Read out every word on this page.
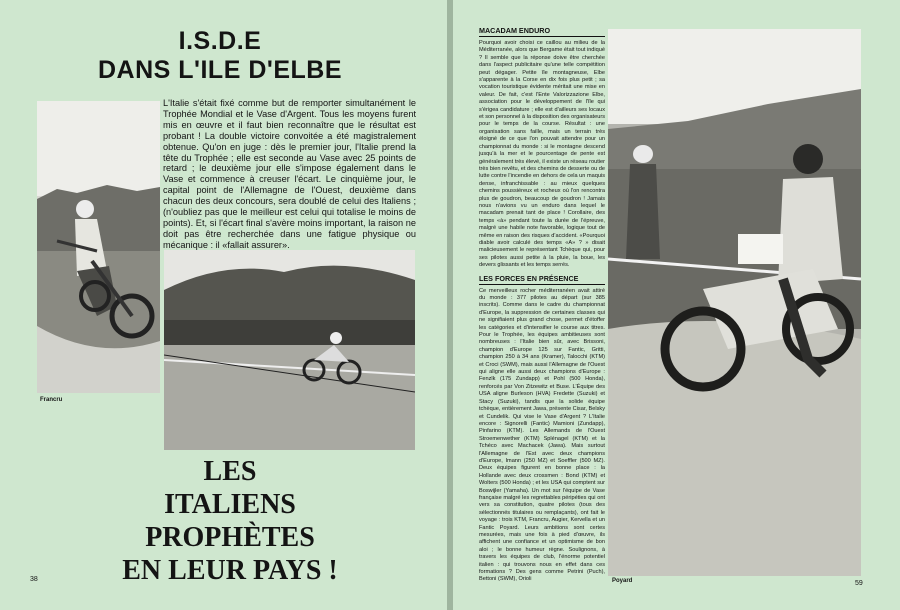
I.S.D.E
DANS L'ILE D'ELBE
Francru

L'Italie s'était fixé comme but de remporter simultanément le Trophée Mondial et le Vase d'Argent. Tous les moyens furent mis en œuvre et il faut bien reconnaître que le résultat est probant ! La double victoire convoitée a été magistralement obtenue. Qu'on en juge : dès le premier jour, l'Italie prend la tête du Trophée ; elle est seconde au Vase avec 25 points de retard ; le deuxième jour elle s'impose également dans le Vase et commence à creuser l'écart. Le cinquième jour, le capital point de l'Allemagne de l'Ouest, deuxième dans chacun des deux concours, sera doublé de celui des Italiens ; (n'oubliez pas que le meilleur est celui qui totalise le moins de points). Et, si l'écart final s'avère moins important, la raison ne doit pas être recherchée dans une fatigue physique ou mécanique : il «fallait assurer».

LES
ITALIENS
PROPHÈTES
EN LEUR PAYS !
38
MACADAM ENDURO

Pourquoi avoir choisi ce caillou au milieu de la Méditerranée, alors que Bergame était tout indiqué ? Il semble que la réponse doive être cherchée dans l'aspect publicitaire qu'une telle compétition peut dégager. Petite île montagneuse, Elbe s'apparente à la Corse en dix fois plus petit ; sa vocation touristique évidente méritait une mise en valeur. De fait, c'est l'Ente Valorizzazione Elbe, association pour le développement de l'île qui s'érigea candidature ; elle est d'ailleurs ses locaux et son personnel à la disposition des organisateurs pour le temps de la course. Résultat : une organisation sans faille, mais un terrain très éloigné de ce que l'on pouvait attendre pour un championnat du monde : si le montagne descend jusqu'à la mer et le pourcentage de pente est généralement très élevé, il existe un réseau routier très bien revêtu, et des chemins de desserte ou de lutte contre l'incendie en dehors de cela un maquis dense, infranchissable : au mieux quelques chemins poussiéreux et rocheux où l'on rencontra plus de goudron, beaucoup de goudron ! Jamais nous n'avions vu un enduro dans lequel le macadam prenait tant de place ! Corollaire, des temps «à» pendant toute la durée de l'épreuve, malgré une habile note favorable, logique tout de même en raison des risques d'accident. «Pourquoi diable avoir calculé des temps «A» ? » disait malicieusement le représentant Tchèque qui, pour ses pilotes aussi petite à la pluie, la boue, les devers glissants et les temps serrés.

LES FORCES EN PRÉSENCE

Ce merveilleux rocher méditerranéen avait attiré du monde : 377 pilotes au départ (sur 385 inscrits). Comme dans le cadre du championnat d'Europe, la suppression de certaines classes qui ne signifiaient plus grand chose, permet d'étoffer les catégories et d'intensifier le course aux titres. Pour le Trophée, les équipes ambitieuses sont nombreuses : l'Italie bien sûr, avec Brissoni, champion d'Europe 125 sur Fantic, Gritti, champion 250 à 34 ans (Kramer), Talocchi (KTM) et Croci (SWM), mais aussi l'Allemagne de l'Ouest qui aligne elle aussi deux champions d'Europe : Fenzlk (175 Zundapp) et Pohl (500 Honda), renforcés par Von Zitzewitz et Buse. L'Équipe des USA aligne Burleson (HVA) Fredette (Suzuki) et Stacy (Suzuki), tandis que la solide équipe tchèque, entièrement Jawa, présente Cisar, Belsky et Cundelik. Qui vise le Vase d'Argent ? L'Italie encore : Signorelli (Fantic) Mamioni (Zundapp), Pinfarino (KTM). Les Allemands de l'Ouest Stroemenwether (KTM) Splénagel (KTM) et la Tchéco avec Machacek (Jawa). Mais surtout l'Allemagne de l'Est avec deux champions d'Europe, Imann (250 MZ) et Soeffler (500 MZ). Deux équipes figurent en bonne place : la Hollande avec deux crossmen : Bond (KTM) et Wolters (500 Honda) ; et les USA qui comptent sur Boswijler (Yamaha). Un mot sur l'équipe de Vase française malgré les regrettables péripéties qui ont vers sa constitution, quatre pilotes (tous des sélectionnés titulaires ou remplaçants), ont fait le voyage : trois KTM, Francru, Augier, Kervella et un Fantic Poyard. Leurs ambitions sont certes mesurées, mais une fois à pied d'œuvre, ils affichent une confiance et un optimisme de bon aloi ; le bonne humeur règne. Soulignons, à travers les équipes de club, l'énorme potentiel italien : qui trouvons nous en effet dans ces formations ? Des gens comme Petrini (Puch), Bettoni (SWM), Orioli	Poyard	59
